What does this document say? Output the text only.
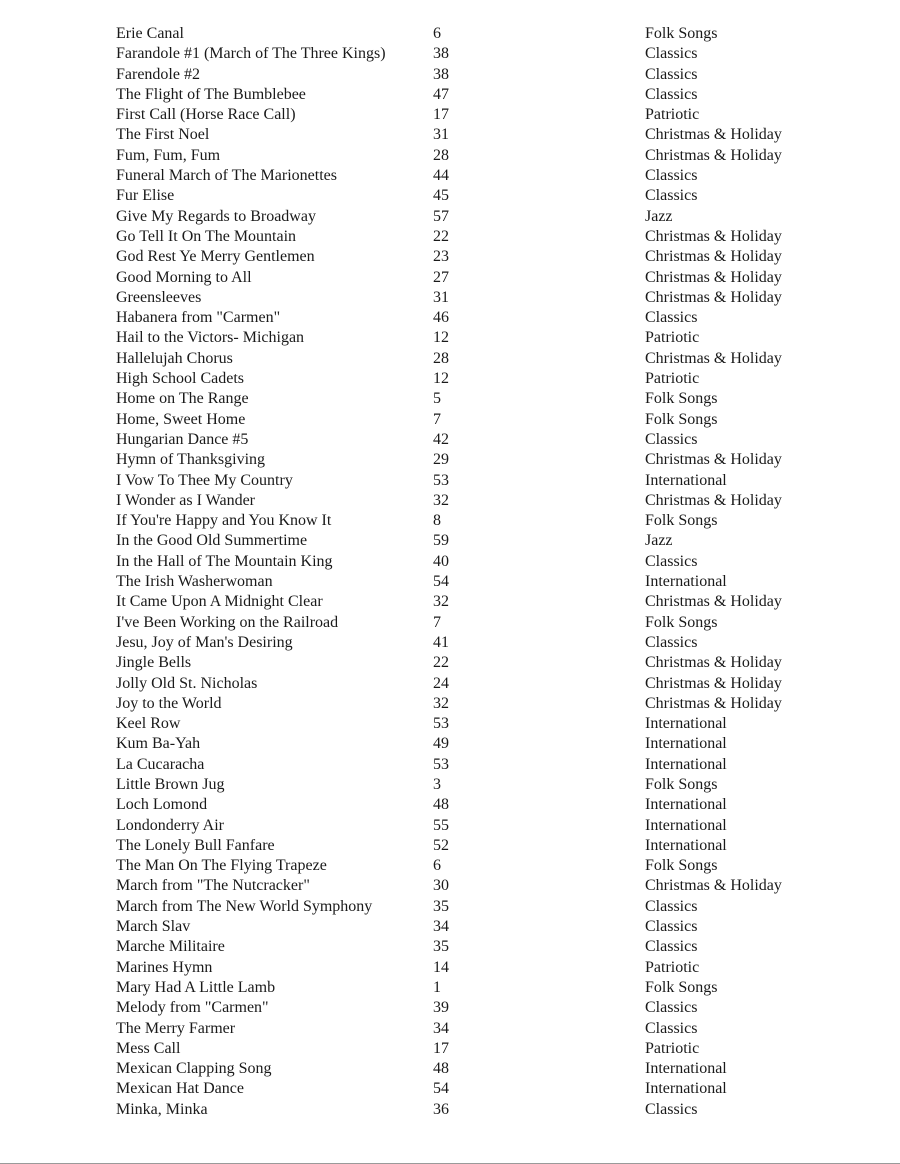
Erie Canal	6	Folk Songs
Farandole #1 (March of The Three Kings)	38	Classics
Farendole #2	38	Classics
The Flight of The Bumblebee	47	Classics
First Call (Horse Race Call)	17	Patriotic
The First Noel	31	Christmas & Holiday
Fum, Fum, Fum	28	Christmas & Holiday
Funeral March of The Marionettes	44	Classics
Fur Elise	45	Classics
Give My Regards to Broadway	57	Jazz
Go Tell It On The Mountain	22	Christmas & Holiday
God Rest Ye Merry Gentlemen	23	Christmas & Holiday
Good Morning to All	27	Christmas & Holiday
Greensleeves	31	Christmas & Holiday
Habanera from "Carmen"	46	Classics
Hail to the Victors- Michigan	12	Patriotic
Hallelujah Chorus	28	Christmas & Holiday
High School Cadets	12	Patriotic
Home on The Range	5	Folk Songs
Home, Sweet Home	7	Folk Songs
Hungarian Dance #5	42	Classics
Hymn of Thanksgiving	29	Christmas & Holiday
I Vow To Thee My Country	53	International
I Wonder as I Wander	32	Christmas & Holiday
If You're Happy and You Know It	8	Folk Songs
In the Good Old Summertime	59	Jazz
In the Hall of The Mountain King	40	Classics
The Irish Washerwoman	54	International
It Came Upon A Midnight Clear	32	Christmas & Holiday
I've Been Working on the Railroad	7	Folk Songs
Jesu, Joy of Man's Desiring	41	Classics
Jingle Bells	22	Christmas & Holiday
Jolly Old St. Nicholas	24	Christmas & Holiday
Joy to the World	32	Christmas & Holiday
Keel Row	53	International
Kum Ba-Yah	49	International
La Cucaracha	53	International
Little Brown Jug	3	Folk Songs
Loch Lomond	48	International
Londonderry Air	55	International
The Lonely Bull Fanfare	52	International
The Man On The Flying Trapeze	6	Folk Songs
March from "The Nutcracker"	30	Christmas & Holiday
March from The New World Symphony	35	Classics
March Slav	34	Classics
Marche Militaire	35	Classics
Marines Hymn	14	Patriotic
Mary Had A Little Lamb	1	Folk Songs
Melody from "Carmen"	39	Classics
The Merry Farmer	34	Classics
Mess Call	17	Patriotic
Mexican Clapping Song	48	International
Mexican Hat Dance	54	International
Minka, Minka	36	Classics
